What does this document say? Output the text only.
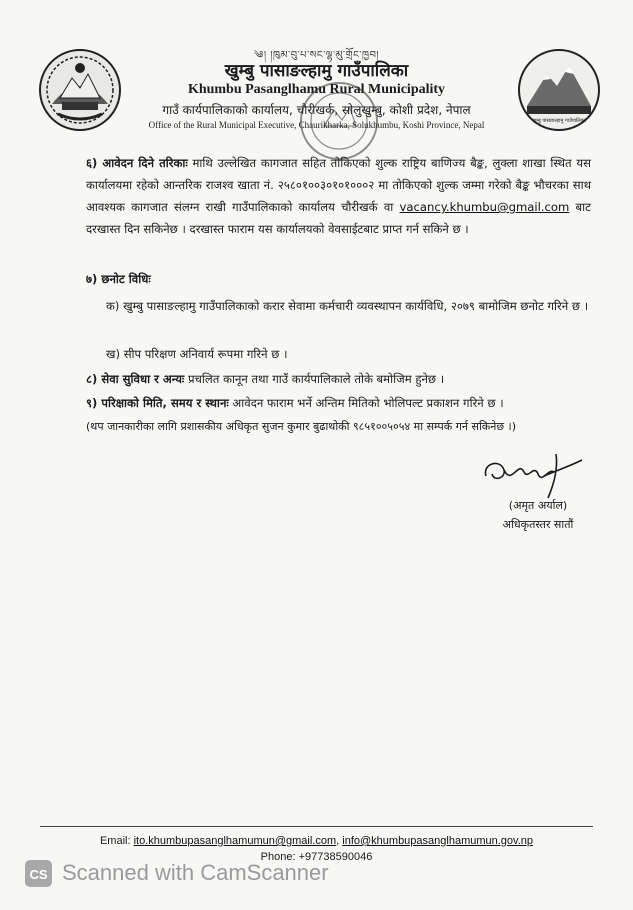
खुम्बु पासाङल्हामु गाउँपालिका
༄། །ཁུམ་བུ་པ་སང་ལྷ་མུ་གྲོང་ཁྱབ།
खुम्बु पासाङल्हामु गाउँपालिका
Khumbu Pasanglhamu Rural Municipality
गाउँ कार्यपालिकाको कार्यालय, चौरीखर्क, सोलुखुम्बु, कोशी प्रदेश, नेपाल
Office of the Rural Municipal Executive, Chaurikharka, Solukhumbu, Koshi Province, Nepal
६) आवेदन दिने तरिकाः माथि उल्लेखित कागजात सहित तोकिएको शुल्क राष्ट्रिय बाणिज्य बैङ्क, लुक्ला शाखा स्थित यस कार्यालयमा रहेको आन्तरिक राजश्व खाता नं. २५८०१००३०१०१०००२ मा तोकिएको शुल्क जम्मा गरेको बैङ्क भौचरका साथ आवश्यक कागजात संलग्न राखी गाउँपालिकाको कार्यालय चौरीखर्क वा vacancy.khumbu@gmail.com बाट दरखास्त दिन सकिनेछ । दरखास्त फाराम यस कार्यालयको वेवसाईटबाट प्राप्त गर्न सकिने छ ।
७) छनोट विधिः
क) खुम्बु पासाङल्हामु गाउँपालिकाको करार सेवामा कर्मचारी व्यवस्थापन कार्यविधि, २०७९ बामोजिम छनोट गरिने छ ।
ख) सीप परिक्षण अनिवार्य रूपमा गरिने छ ।
८) सेवा सुविधा र अन्यः प्रचलित कानून तथा गाउँ कार्यपालिकाले तोके बमोजिम हुनेछ ।
९) परिक्षाको मिति, समय र स्थानः आवेदन फाराम भर्ने अन्तिम मितिको भोलिपल्ट प्रकाशन गरिने छ ।
(थप जानकारीका लागि प्रशासकीय अधिकृत सुजन कुमार बुढाथोकी ९८५१००५०५४ मा सम्पर्क गर्न सकिनेछ ।)
(अमृत अर्याल)
अधिकृतस्तर सातौं
Email: ito.khumbupasanglhamumun@gmail.com, info@khumbupasanglhamumun.gov.np
Phone: +97738590046
CS Scanned with CamScanner
